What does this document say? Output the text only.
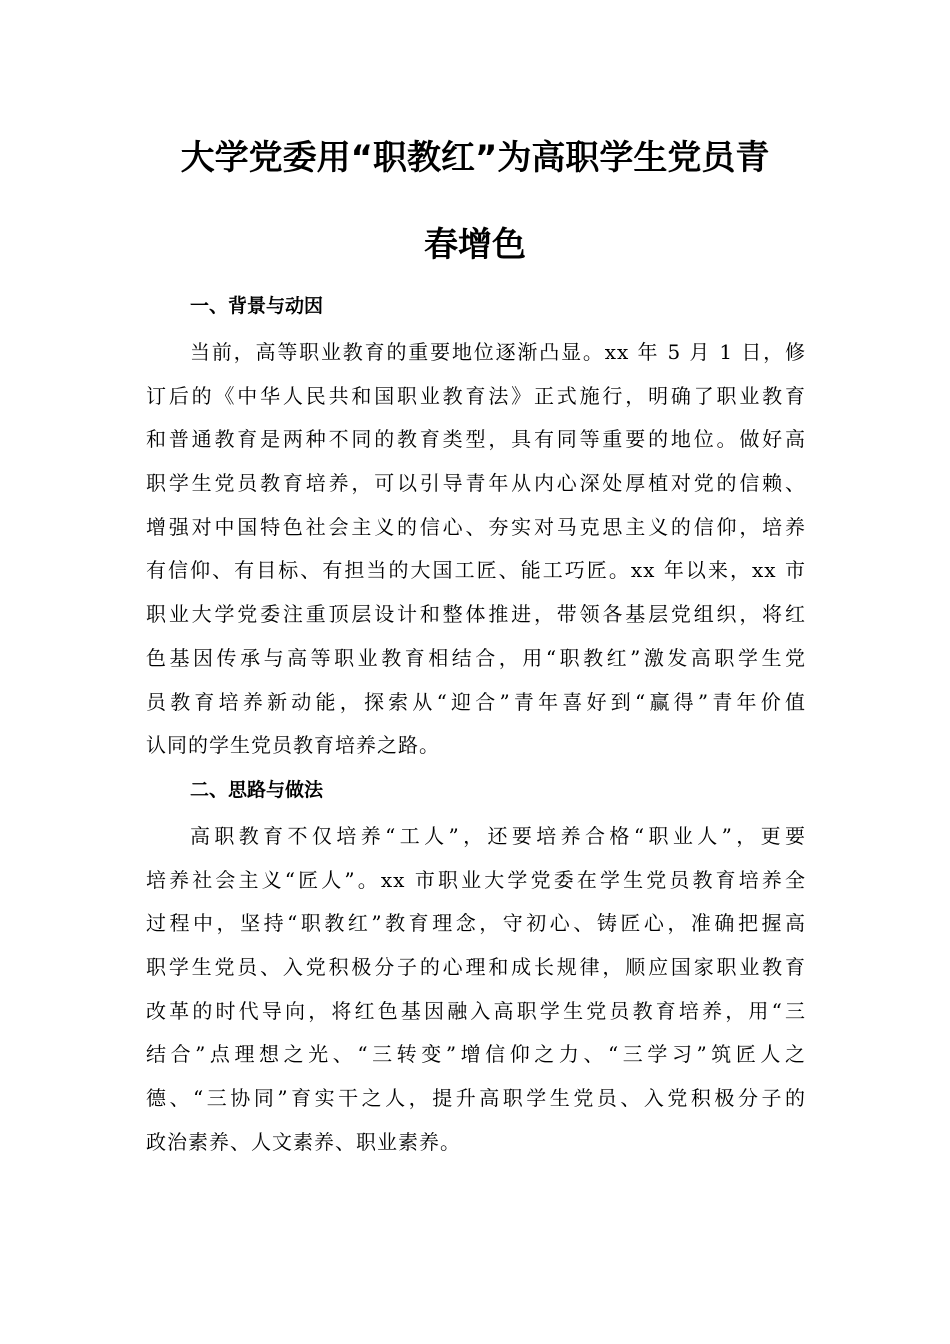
大学党委用“职教红”为高职学生党员青
春增色
一、背景与动因
当前，高等职业教育的重要地位逐渐凸显。xx 年 5 月 1 日，修
订后的《中华人民共和国职业教育法》正式施行，明确了职业教育
和普通教育是两种不同的教育类型，具有同等重要的地位。做好高
职学生党员教育培养，可以引导青年从内心深处厚植对党的信赖、
增强对中国特色社会主义的信心、夯实对马克思主义的信仰，培养
有信仰、有目标、有担当的大国工匠、能工巧匠。xx 年以来，xx 市
职业大学党委注重顶层设计和整体推进，带领各基层党组织，将红
色基因传承与高等职业教育相结合，用“职教红”激发高职学生党
员教育培养新动能，探索从“迎合”青年喜好到“赢得”青年价值
认同的学生党员教育培养之路。
二、思路与做法
高职教育不仅培养“工人”，还要培养合格“职业人”，更要
培养社会主义“匠人”。xx 市职业大学党委在学生党员教育培养全
过程中，坚持“职教红”教育理念，守初心、铸匠心，准确把握高
职学生党员、入党积极分子的心理和成长规律，顺应国家职业教育
改革的时代导向，将红色基因融入高职学生党员教育培养，用“三
结合”点理想之光、“三转变”增信仰之力、“三学习”筑匠人之
德、“三协同”育实干之人，提升高职学生党员、入党积极分子的
政治素养、人文素养、职业素养。
